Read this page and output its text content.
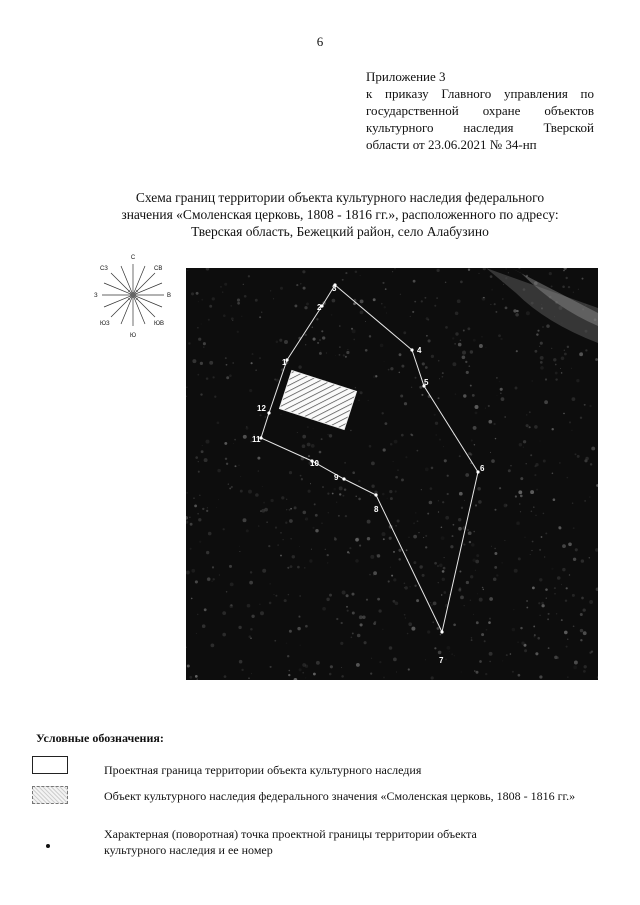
6
Приложение 3
к приказу Главного управления по
государственной охране объектов
культурного наследия Тверской
области от 23.06.2021 № 34-нп
Схема границ территории объекта культурного наследия федерального
значения «Смоленская церковь, 1808 - 1816 гг.», расположенного по адресу:
Тверская область, Бежецкий район, село Алабузино
С
СВ
В
ЮВ
Ю
ЮЗ
З
СЗ
1
2
3
4
5
6
7
8
9
10
11
12
Условные обозначения:
Проектная граница территории объекта культурного наследия
Объект культурного наследия федерального значения «Смоленская церковь, 1808 - 1816 гг.»
Характерная (поворотная) точка проектной границы территории объекта
культурного наследия и ее номер
